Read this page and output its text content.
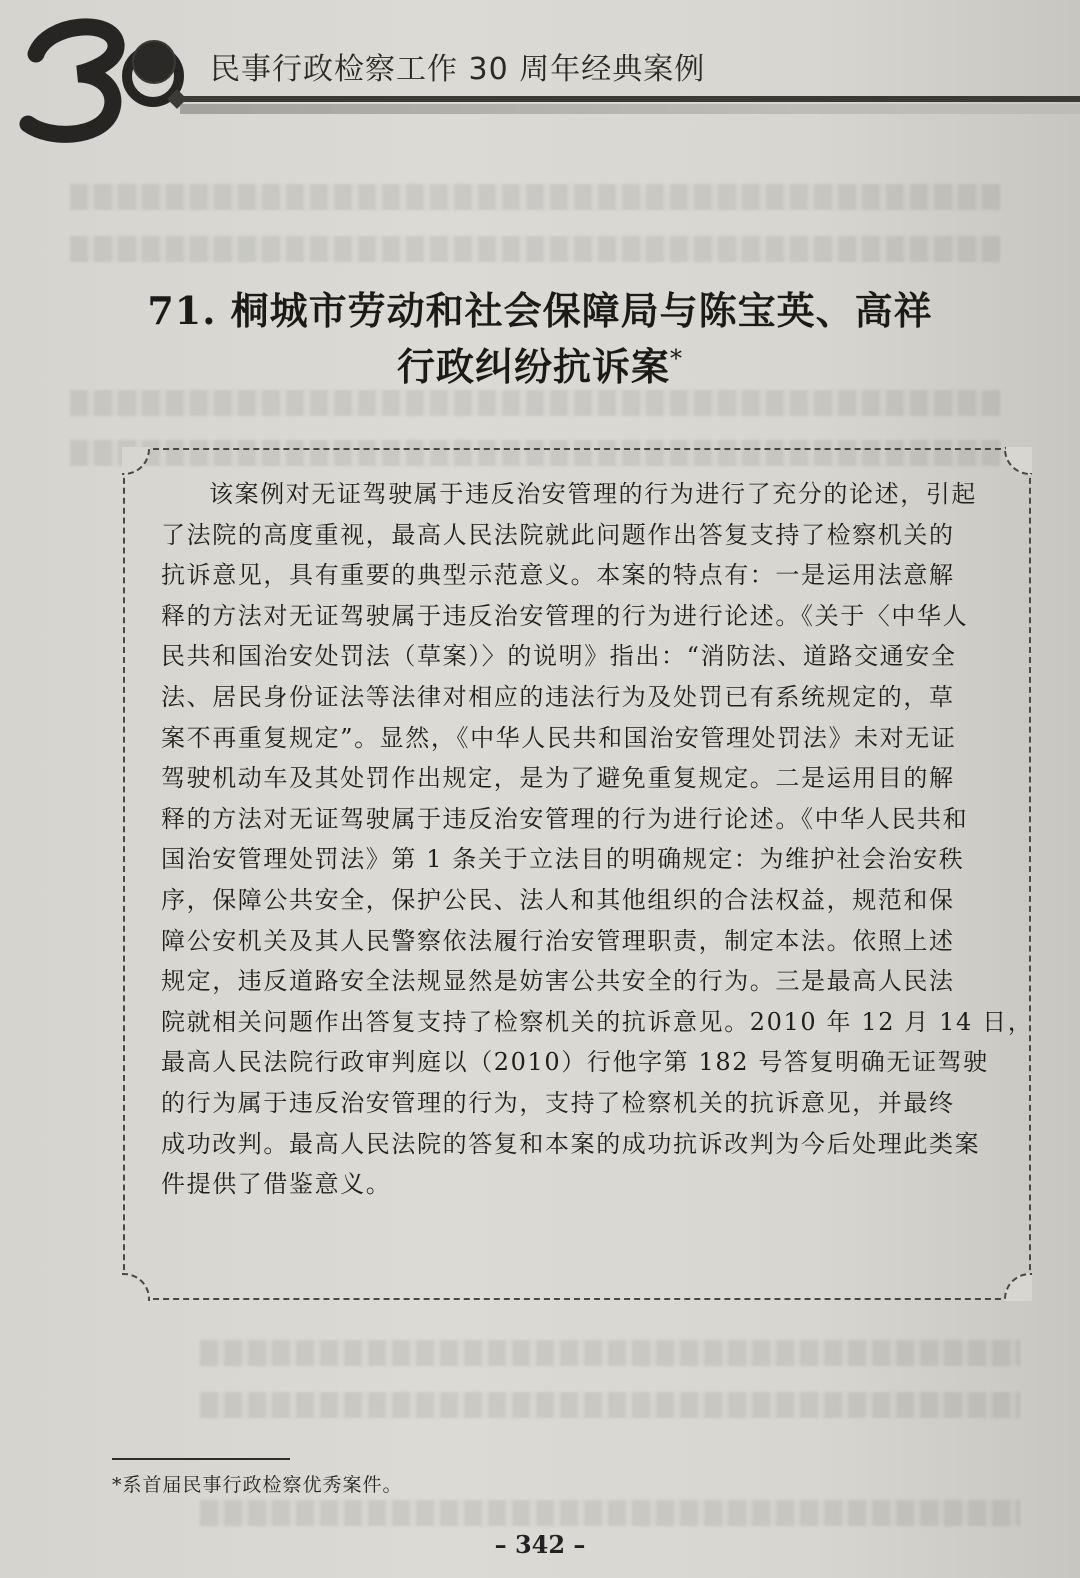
30
民事行政检察工作 30 周年经典案例
71. 桐城市劳动和社会保障局与陈宝英、高祥
行政纠纷抗诉案*
该案例对无证驾驶属于违反治安管理的行为进行了充分的论述，引起
了法院的高度重视，最高人民法院就此问题作出答复支持了检察机关的
抗诉意见，具有重要的典型示范意义。本案的特点有：一是运用法意解
释的方法对无证驾驶属于违反治安管理的行为进行论述。《关于〈中华人
民共和国治安处罚法（草案）〉的说明》指出：“消防法、道路交通安全
法、居民身份证法等法律对相应的违法行为及处罚已有系统规定的，草
案不再重复规定”。显然，《中华人民共和国治安管理处罚法》未对无证
驾驶机动车及其处罚作出规定，是为了避免重复规定。二是运用目的解
释的方法对无证驾驶属于违反治安管理的行为进行论述。《中华人民共和
国治安管理处罚法》第 1 条关于立法目的明确规定：为维护社会治安秩
序，保障公共安全，保护公民、法人和其他组织的合法权益，规范和保
障公安机关及其人民警察依法履行治安管理职责，制定本法。依照上述
规定，违反道路安全法规显然是妨害公共安全的行为。三是最高人民法
院就相关问题作出答复支持了检察机关的抗诉意见。2010 年 12 月 14 日，
最高人民法院行政审判庭以（2010）行他字第 182 号答复明确无证驾驶
的行为属于违反治安管理的行为，支持了检察机关的抗诉意见，并最终
成功改判。最高人民法院的答复和本案的成功抗诉改判为今后处理此类案
件提供了借鉴意义。
*系首届民事行政检察优秀案件。
– 342 –
